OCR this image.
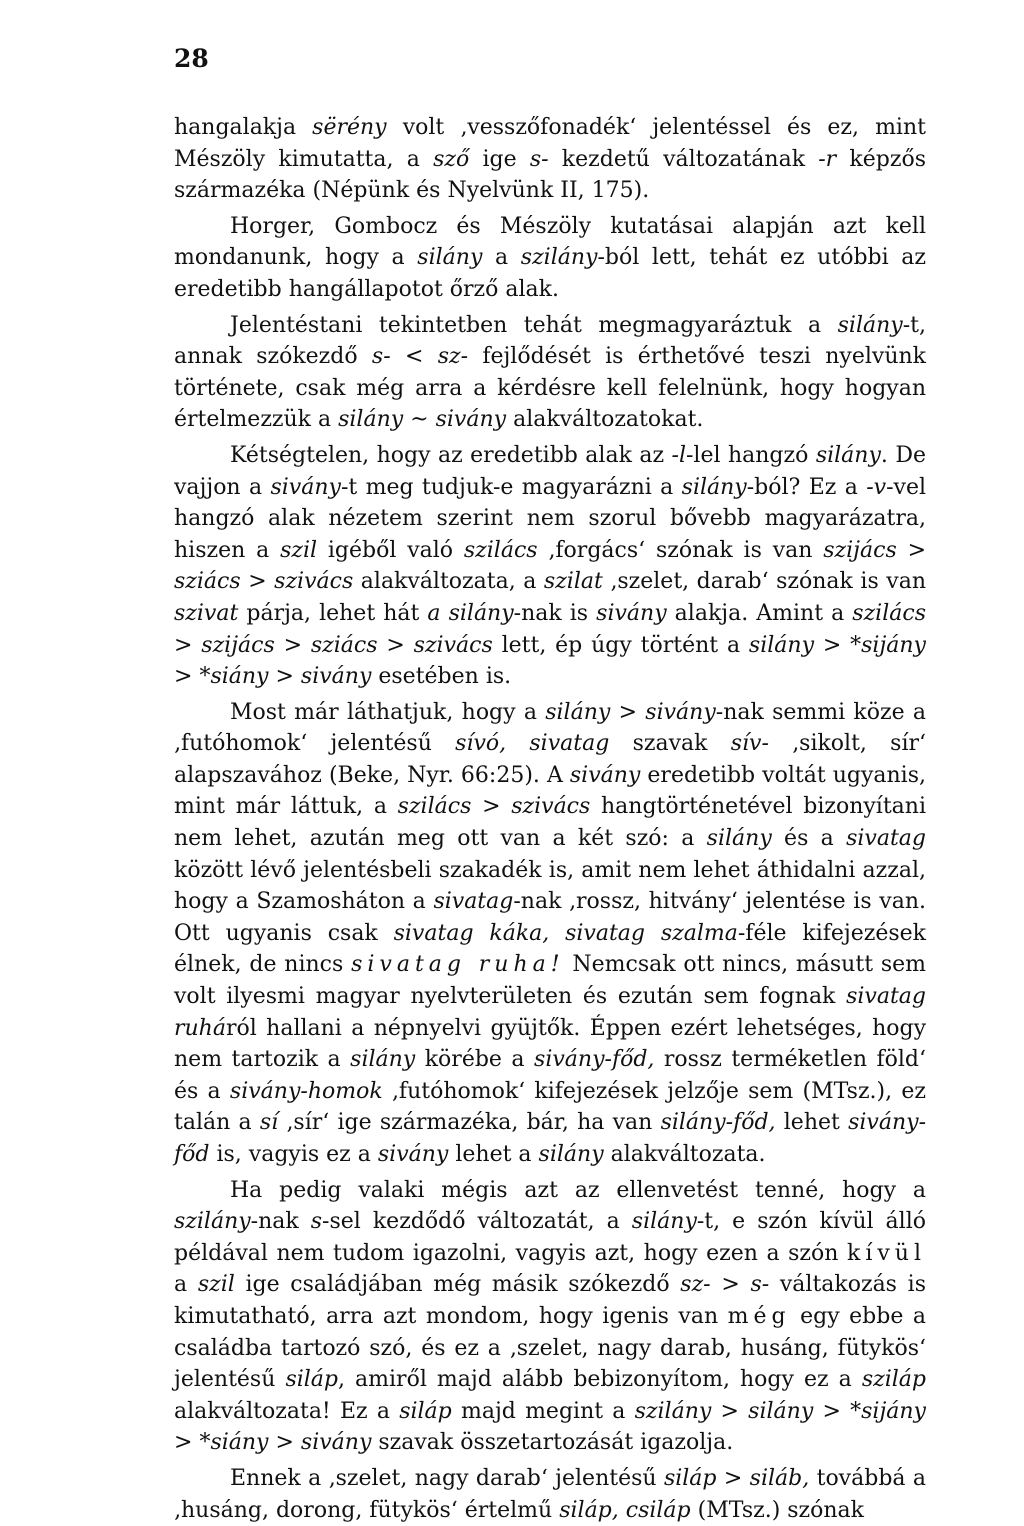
28

hangalakja sërény volt ‚vesszőfonadék‘ jelentéssel és ez, mint Mészöly kimutatta, a sző ige s- kezdetű változatának -r képzős származéka (Népünk és Nyelvünk II, 175).

Horger, Gombocz és Mészöly kutatásai alapján azt kell mondanunk, hogy a silány a szilány-ból lett, tehát ez utóbbi az eredetibb hangállapotot őrző alak.

Jelentéstani tekintetben tehát megmagyaráztuk a silány-t, annak szókezdő s- < sz- fejlődését is érthetővé teszi nyelvünk története, csak még arra a kérdésre kell felelnünk, hogy hogyan értelmezzük a silány ~ sivány alakváltozatokat.

Kétségtelen, hogy az eredetibb alak az -l-lel hangzó silány. De vajjon a sivány-t meg tudjuk-e magyarázni a silány-ból? Ez a -v-vel hangzó alak nézetem szerint nem szorul bővebb magyarázatra, hiszen a szil igéből való szilács ‚forgács‘ szónak is van szijács > sziács > szivács alakváltozata, a szilat ‚szelet, darab‘ szónak is van szivat párja, lehet hát a silány-nak is sivány alakja. Amint a szilács > szijács > sziács > szivács lett, ép úgy történt a silány > *sijány > *siány > sivány esetében is.

Most már láthatjuk, hogy a silány > sivány-nak semmi köze a ‚futóhomok‘ jelentésű sívó, sivatag szavak sív- ‚sikolt, sír‘ alapszavához (Beke, Nyr. 66:25). A sivány eredetibb voltát ugyanis, mint már láttuk, a szilács > szivács hangtörténetével bizonyítani nem lehet, azután meg ott van a két szó: a silány és a sivatag között lévő jelentésbeli szakadék is, amit nem lehet áthidalni azzal, hogy a Szamosháton a sivatag-nak ‚rossz, hitvány‘ jelentése is van. Ott ugyanis csak sivatag káka, sivatag szalma-féle kifejezések élnek, de nincs sivatag ruha! Nemcsak ott nincs, másutt sem volt ilyesmi magyar nyelvterületen és ezután sem fognak sivatag ruháról hallani a népnyelvi gyüjtők. Éppen ezért lehetséges, hogy nem tartozik a silány körébe a sivány-főd, rossz terméketlen föld‘ és a sivány-homok ‚futóhomok‘ kifejezések jelzője sem (MTsz.), ez talán a sí ‚sír‘ ige származéka, bár, ha van silány-főd, lehet sivány-főd is, vagyis ez a sivány lehet a silány alakváltozata.

Ha pedig valaki mégis azt az ellenvetést tenné, hogy a szilány-nak s-sel kezdődő változatát, a silány-t, e szón kívül álló példával nem tudom igazolni, vagyis azt, hogy ezen a szón kívül a szil ige családjában még másik szókezdő sz- > s- váltakozás is kimutatható, arra azt mondom, hogy igenis van még egy ebbe a családba tartozó szó, és ez a ‚szelet, nagy darab, husáng, fütykös‘ jelentésű siláp, amiről majd alább bebizonyítom, hogy ez a sziláp alakváltozata! Ez a siláp majd megint a szilány > silány > *sijány > *siány > sivány szavak összetartozását igazolja.

Ennek a ‚szelet, nagy darab‘ jelentésű siláp > siláb, továbbá a ‚husáng, dorong, fütykös‘ értelmű siláp, csiláp (MTsz.) szónak
